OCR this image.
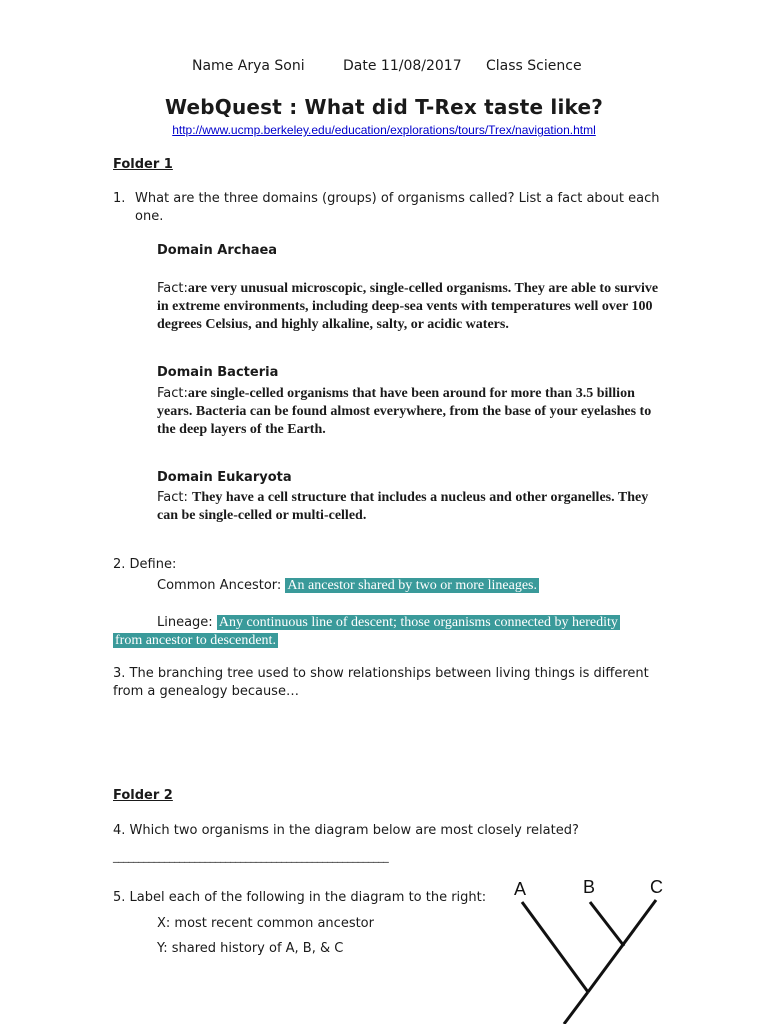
Name Arya Soni	Date 11/08/2017 Class Science
WebQuest : What did T-Rex taste like?
http://www.ucmp.berkeley.edu/education/explorations/tours/Trex/navigation.html
Folder 1
1. What are the three domains (groups) of organisms called? List a fact about each
one.
Domain Archaea
Fact:are very unusual microscopic, single-celled organisms. They are able to survive
in extreme environments, including deep-sea vents with temperatures well over 100
degrees Celsius, and highly alkaline, salty, or acidic waters.
Domain Bacteria
Fact:are single-celled organisms that have been around for more than 3.5 billion
years. Bacteria can be found almost everywhere, from the base of your eyelashes to
the deep layers of the Earth.
Domain Eukaryota
Fact: They have a cell structure that includes a nucleus and other organelles. They
can be single-celled or multi-celled.
2. Define:
Common Ancestor: An ancestor shared by two or more lineages.
Lineage: Any continuous line of descent; those organisms connected by heredity
from ancestor to descendent.
3. The branching tree used to show relationships between living things is different
from a genealogy because…
Folder 2
4. Which two organisms in the diagram below are most closely related?
______________________________________________________
5. Label each of the following in the diagram to the right:
X: most recent common ancestor
Y: shared history of A, B, & C
A	B	C
